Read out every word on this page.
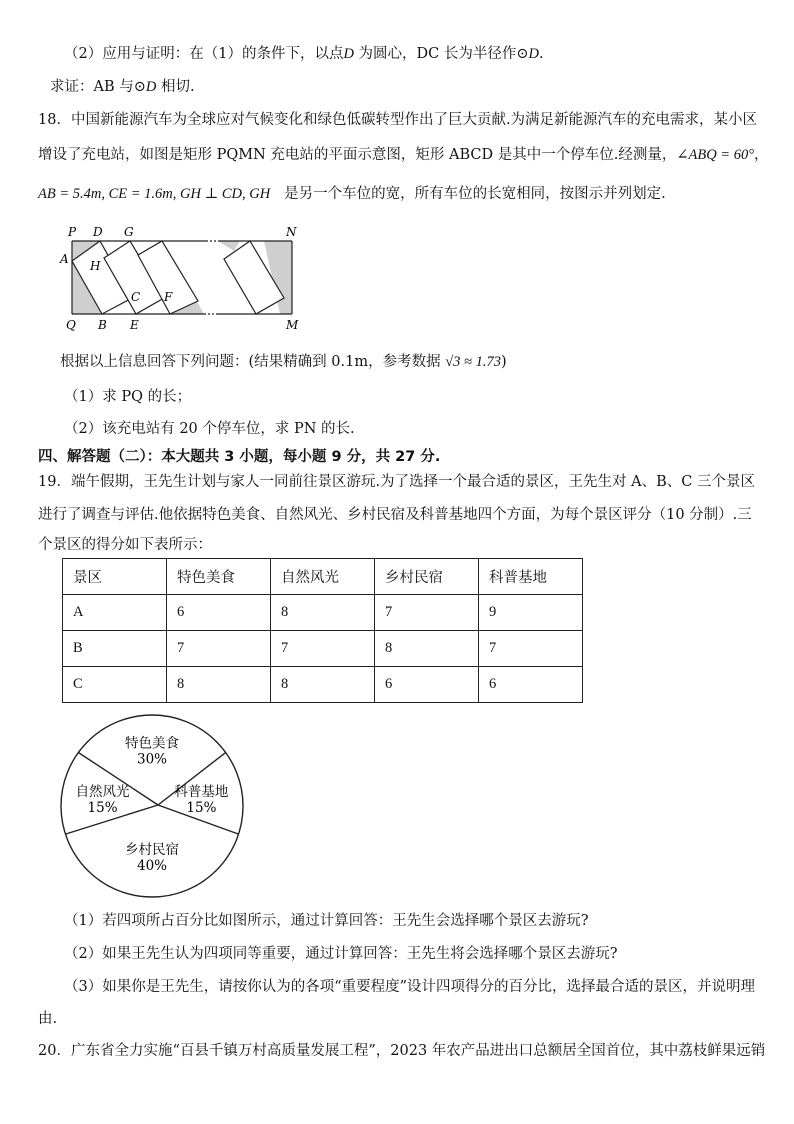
（2）应用与证明：在（1）的条件下，以点D 为圆心，DC 长为半径作⊙D.
求证：AB 与⊙D 相切.
18．中国新能源汽车为全球应对气候变化和绿色低碳转型作出了巨大贡献.为满足新能源汽车的充电需求，某小区
增设了充电站，如图是矩形 PQMN 充电站的平面示意图，矩形 ABCD 是其中一个停车位.经测量，∠ABQ = 60°，
AB = 5.4m, CE = 1.6m, GH ⊥ CD, GH 是另一个车位的宽，所有车位的长宽相同，按图示并列划定.
P D G	N
A H
C F
Q B E	M
根据以上信息回答下列问题：(结果精确到 0.1m，参考数据 √3 ≈ 1.73)
（1）求 PQ 的长；
（2）该充电站有 20 个停车位，求 PN 的长.
四、解答题（二）：本大题共 3 小题，每小题 9 分，共 27 分.
19．端午假期，王先生计划与家人一同前往景区游玩.为了选择一个最合适的景区，王先生对 A、B、C 三个景区
进行了调查与评估.他依据特色美食、自然风光、乡村民宿及科普基地四个方面，为每个景区评分（10 分制）.三
个景区的得分如下表所示：
景区	特色美食	自然风光	乡村民宿	科普基地
A	6	8	7	9
B	7	7	8	7
C	8	8	6	6
特色美食
30%
科普基地
15%
乡村民宿
40%
自然风光
15%
（1）若四项所占百分比如图所示，通过计算回答：王先生会选择哪个景区去游玩?
（2）如果王先生认为四项同等重要，通过计算回答：王先生将会选择哪个景区去游玩?
（3）如果你是王先生，请按你认为的各项“重要程度”设计四项得分的百分比，选择最合适的景区，并说明理
由.
20．广东省全力实施“百县千镇万村高质量发展工程”，2023 年农产品进出口总额居全国首位，其中荔枝鲜果远销
